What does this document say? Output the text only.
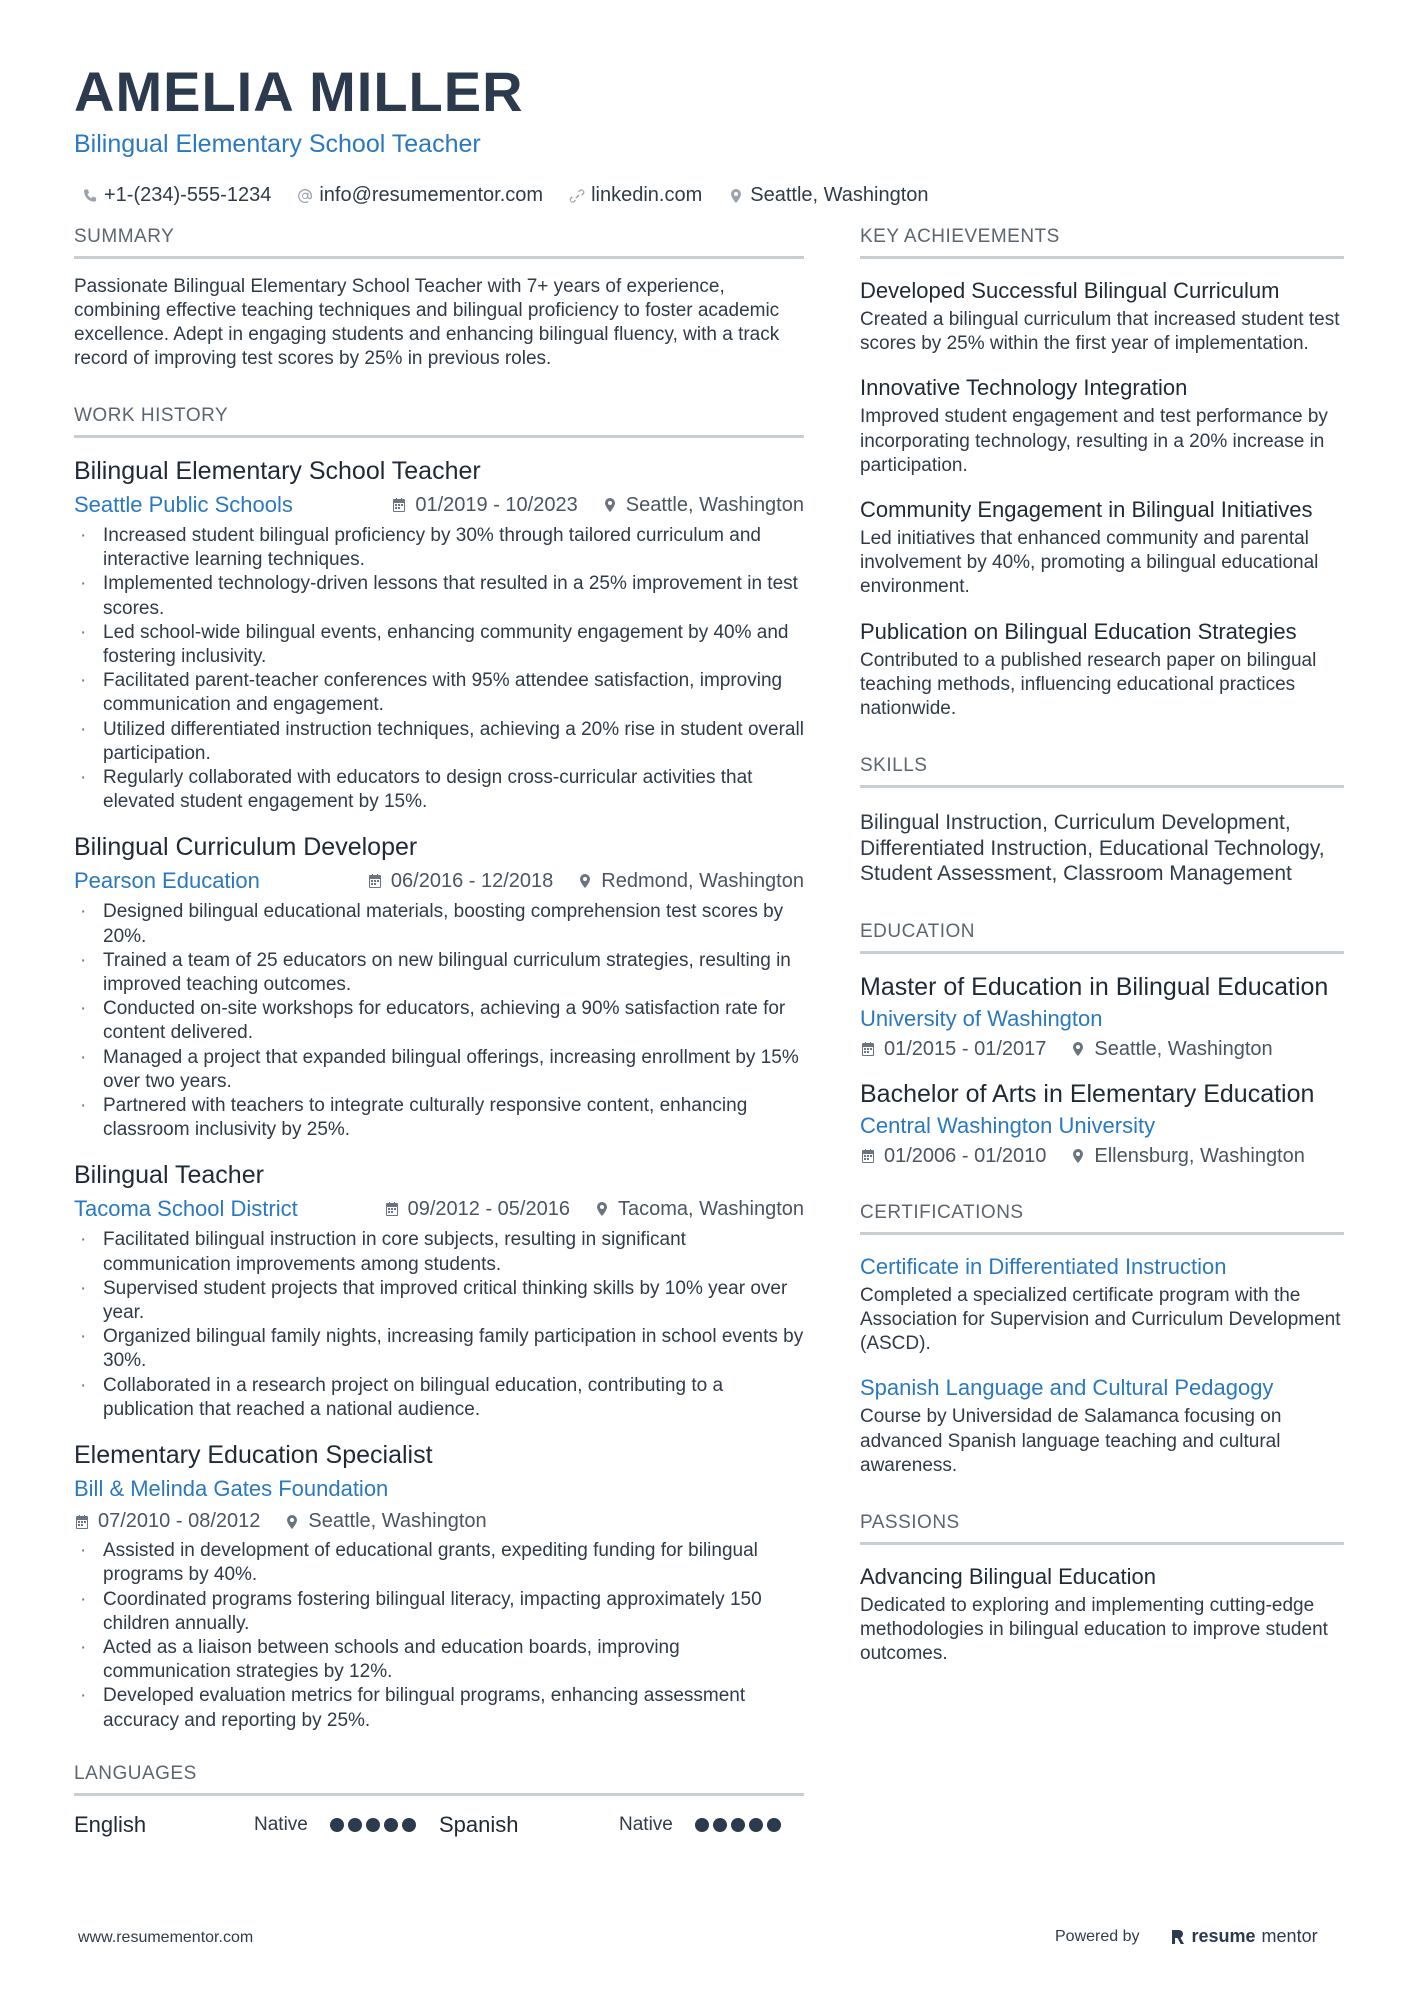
AMELIA MILLER
Bilingual Elementary School Teacher
+1-(234)-555-1234 info@resumementor.com linkedin.com Seattle, Washington
SUMMARY
Passionate Bilingual Elementary School Teacher with 7+ years of experience, combining effective teaching techniques and bilingual proficiency to foster academic excellence. Adept in engaging students and enhancing bilingual fluency, with a track record of improving test scores by 25% in previous roles.
WORK HISTORY
Bilingual Elementary School Teacher
Seattle Public Schools	01/2019 - 10/2023 Seattle, Washington
· Increased student bilingual proficiency by 30% through tailored curriculum and interactive learning techniques.
· Implemented technology-driven lessons that resulted in a 25% improvement in test scores.
· Led school-wide bilingual events, enhancing community engagement by 40% and fostering inclusivity.
· Facilitated parent-teacher conferences with 95% attendee satisfaction, improving communication and engagement.
· Utilized differentiated instruction techniques, achieving a 20% rise in student overall participation.
· Regularly collaborated with educators to design cross-curricular activities that elevated student engagement by 15%.
Bilingual Curriculum Developer
Pearson Education	06/2016 - 12/2018 Redmond, Washington
· Designed bilingual educational materials, boosting comprehension test scores by 20%.
· Trained a team of 25 educators on new bilingual curriculum strategies, resulting in improved teaching outcomes.
· Conducted on-site workshops for educators, achieving a 90% satisfaction rate for content delivered.
· Managed a project that expanded bilingual offerings, increasing enrollment by 15% over two years.
· Partnered with teachers to integrate culturally responsive content, enhancing classroom inclusivity by 25%.
Bilingual Teacher
Tacoma School District	09/2012 - 05/2016 Tacoma, Washington
· Facilitated bilingual instruction in core subjects, resulting in significant communication improvements among students.
· Supervised student projects that improved critical thinking skills by 10% year over year.
· Organized bilingual family nights, increasing family participation in school events by 30%.
· Collaborated in a research project on bilingual education, contributing to a publication that reached a national audience.
Elementary Education Specialist
Bill & Melinda Gates Foundation
07/2010 - 08/2012 Seattle, Washington
· Assisted in development of educational grants, expediting funding for bilingual programs by 40%.
· Coordinated programs fostering bilingual literacy, impacting approximately 150 children annually.
· Acted as a liaison between schools and education boards, improving communication strategies by 12%.
· Developed evaluation metrics for bilingual programs, enhancing assessment accuracy and reporting by 25%.
LANGUAGES
English	Native	Spanish	Native
KEY ACHIEVEMENTS
Developed Successful Bilingual Curriculum
Created a bilingual curriculum that increased student test scores by 25% within the first year of implementation.
Innovative Technology Integration
Improved student engagement and test performance by incorporating technology, resulting in a 20% increase in participation.
Community Engagement in Bilingual Initiatives
Led initiatives that enhanced community and parental involvement by 40%, promoting a bilingual educational environment.
Publication on Bilingual Education Strategies
Contributed to a published research paper on bilingual teaching methods, influencing educational practices nationwide.
SKILLS
Bilingual Instruction, Curriculum Development, Differentiated Instruction, Educational Technology, Student Assessment, Classroom Management
EDUCATION
Master of Education in Bilingual Education
University of Washington
01/2015 - 01/2017 Seattle, Washington
Bachelor of Arts in Elementary Education
Central Washington University
01/2006 - 01/2010 Ellensburg, Washington
CERTIFICATIONS
Certificate in Differentiated Instruction
Completed a specialized certificate program with the Association for Supervision and Curriculum Development (ASCD).
Spanish Language and Cultural Pedagogy
Course by Universidad de Salamanca focusing on advanced Spanish language teaching and cultural awareness.
PASSIONS
Advancing Bilingual Education
Dedicated to exploring and implementing cutting-edge methodologies in bilingual education to improve student outcomes.
www.resumementor.com	Powered by	resume mentor
